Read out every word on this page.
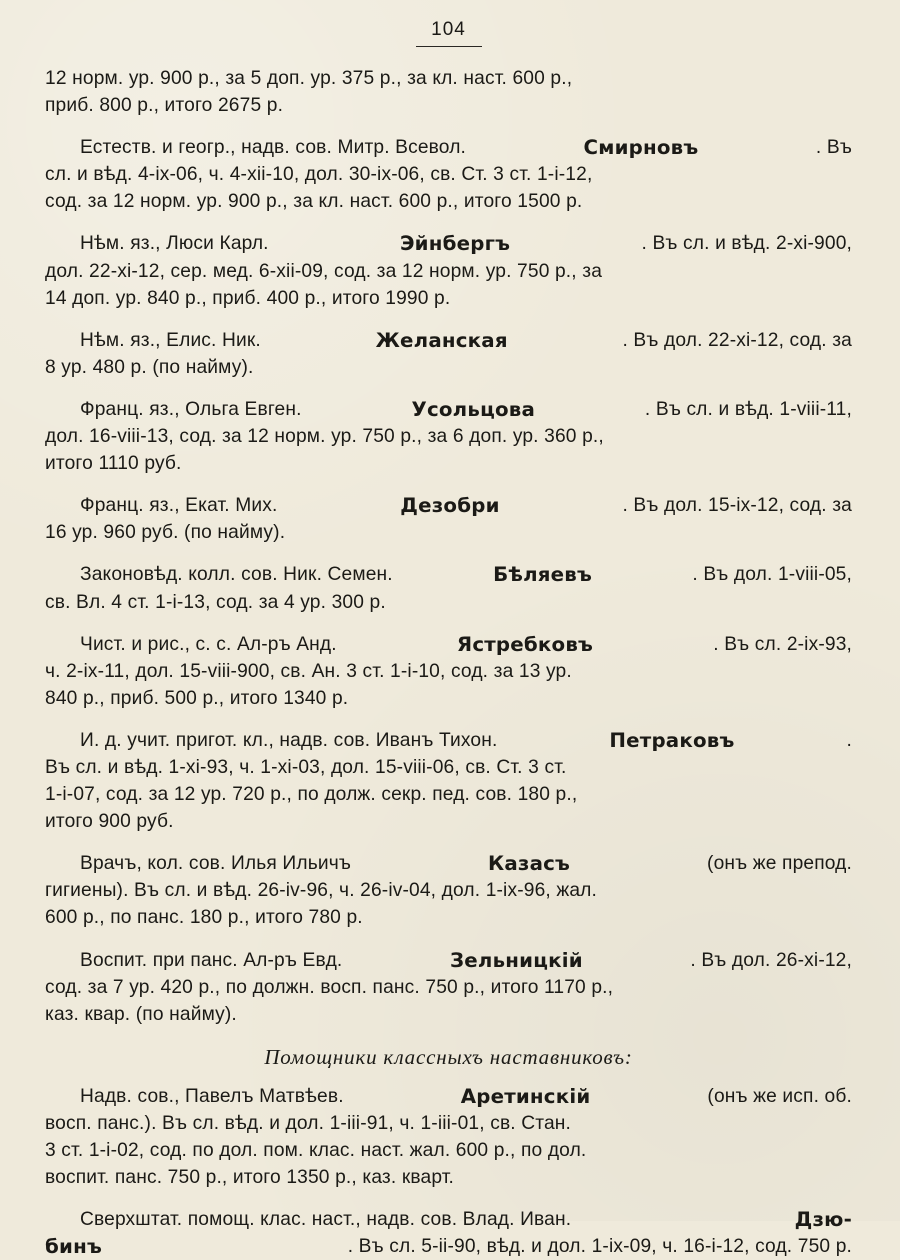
104
12 норм. ур. 900 р., за 5 доп. ур. 375 р., за кл. наст. 600 р.,
приб. 800 р., итого 2675 р.
Естеств. и геогр., надв. сов. Митр. Всевол.	Смирновъ	. Въ
сл. и вѣд. 4-ix-06, ч. 4-xii-10, дол. 30-ix-06, св. Ст. 3 ст. 1-i-12,
сод. за 12 норм. ур. 900 р., за кл. наст. 600 р., итого 1500 р.
Нѣм. яз., Люси Карл.	Эйнбергъ	. Въ сл. и вѣд. 2-xi-900,
дол. 22-xi-12, сер. мед. 6-xii-09, сод. за 12 норм. ур. 750 р., за
14 доп. ур. 840 р., приб. 400 р., итого 1990 р.
Нѣм. яз., Елис. Ник.	Желанская	. Въ дол. 22-xi-12, сод. за
8 ур. 480 р. (по найму).
Франц. яз., Ольга Евген.	Усольцова	. Въ сл. и вѣд. 1-viii-11,
дол. 16-viii-13, сод. за 12 норм. ур. 750 р., за 6 доп. ур. 360 р.,
итого 1110 руб.
Франц. яз., Екат. Мих.	Дезобри	. Въ дол. 15-ix-12, сод. за
16 ур. 960 руб. (по найму).
Законовѣд. колл. сов. Ник. Семен.	Бѣляевъ	. Въ дол. 1-viii-05,
св. Вл. 4 ст. 1-i-13, сод. за 4 ур. 300 р.
Чист. и рис., с. с. Ал-ръ Анд.	Ястребковъ	. Въ сл. 2-ix-93,
ч. 2-ix-11, дол. 15-viii-900, св. Ан. 3 ст. 1-i-10, сод. за 13 ур.
840 р., приб. 500 р., итого 1340 р.
И. д. учит. пригот. кл., надв. сов. Иванъ Тихон.	Петраковъ	.
Въ сл. и вѣд. 1-xi-93, ч. 1-xi-03, дол. 15-viii-06, св. Ст. 3 ст.
1-i-07, сод. за 12 ур. 720 р., по долж. секр. пед. сов. 180 р.,
итого 900 руб.
Врачъ, кол. сов. Илья Ильичъ	Казасъ	(онъ же препод.
гигиены). Въ сл. и вѣд. 26-iv-96, ч. 26-iv-04, дол. 1-ix-96, жал.
600 р., по панс. 180 р., итого 780 р.
Воспит. при панс. Ал-ръ Евд.	Зельницкій	. Въ дол. 26-xi-12,
сод. за 7 ур. 420 р., по должн. восп. панс. 750 р., итого 1170 р.,
каз. квар. (по найму).
Помощники классныхъ наставниковъ:
Надв. сов., Павелъ Матвѣев.	Аретинскій	(онъ же исп. об.
восп. панс.). Въ сл. вѣд. и дол. 1-iii-91, ч. 1-iii-01, св. Стан.
3 ст. 1-i-02, сод. по дол. пом. клас. наст. жал. 600 р., по дол.
воспит. панс. 750 р., итого 1350 р., каз. кварт.
Сверхштат. помощ. клас. наст., надв. сов. Влад. Иван.	Дзю-
бинъ	. Въ сл. 5-ii-90, вѣд. и дол. 1-ix-09, ч. 16-i-12, сод. 750 р.
